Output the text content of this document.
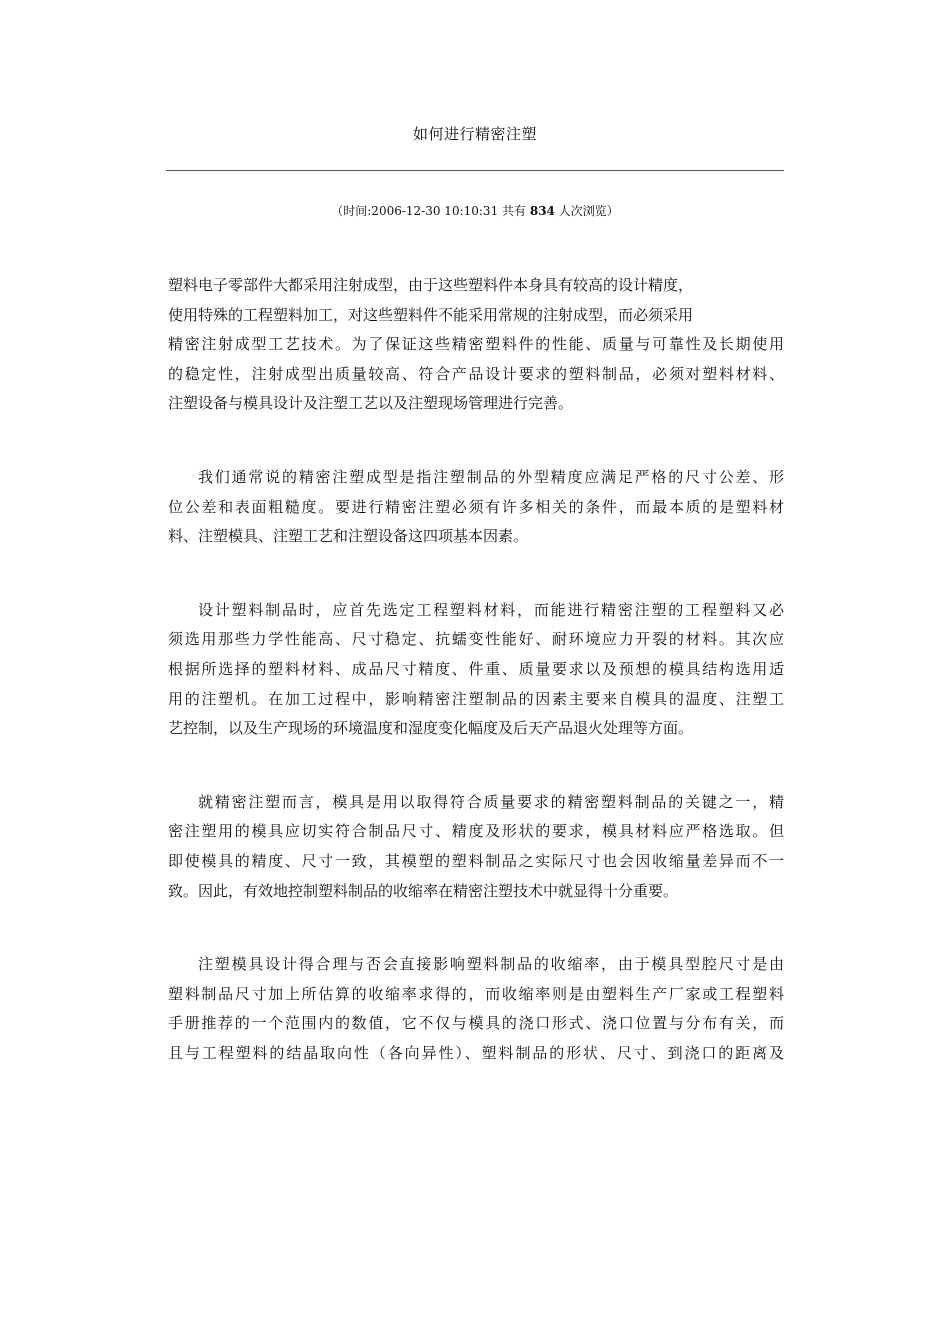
如何进行精密注塑
（时间:2006-12-30 10:10:31 共有 834 人次浏览）
塑料电子零部件大都采用注射成型，由于这些塑料件本身具有较高的设计精度，
使用特殊的工程塑料加工，对这些塑料件不能采用常规的注射成型，而必须采用
精密注射成型工艺技术。为了保证这些精密塑料件的性能、质量与可靠性及长期使用
的稳定性，注射成型出质量较高、符合产品设计要求的塑料制品，必须对塑料材料、
注塑设备与模具设计及注塑工艺以及注塑现场管理进行完善。
我们通常说的精密注塑成型是指注塑制品的外型精度应满足严格的尺寸公差、形
位公差和表面粗糙度。要进行精密注塑必须有许多相关的条件，而最本质的是塑料材
料、注塑模具、注塑工艺和注塑设备这四项基本因素。
设计塑料制品时，应首先选定工程塑料材料，而能进行精密注塑的工程塑料又必
须选用那些力学性能高、尺寸稳定、抗蠕变性能好、耐环境应力开裂的材料。其次应
根据所选择的塑料材料、成品尺寸精度、件重、质量要求以及预想的模具结构选用适
用的注塑机。在加工过程中，影响精密注塑制品的因素主要来自模具的温度、注塑工
艺控制，以及生产现场的环境温度和湿度变化幅度及后天产品退火处理等方面。
就精密注塑而言，模具是用以取得符合质量要求的精密塑料制品的关键之一，精
密注塑用的模具应切实符合制品尺寸、精度及形状的要求，模具材料应严格选取。但
即使模具的精度、尺寸一致，其模塑的塑料制品之实际尺寸也会因收缩量差异而不一
致。因此，有效地控制塑料制品的收缩率在精密注塑技术中就显得十分重要。
注塑模具设计得合理与否会直接影响塑料制品的收缩率，由于模具型腔尺寸是由
塑料制品尺寸加上所估算的收缩率求得的，而收缩率则是由塑料生产厂家或工程塑料
手册推荐的一个范围内的数值，它不仅与模具的浇口形式、浇口位置与分布有关，而
且与工程塑料的结晶取向性（各向异性）、塑料制品的形状、尺寸、到浇口的距离及
